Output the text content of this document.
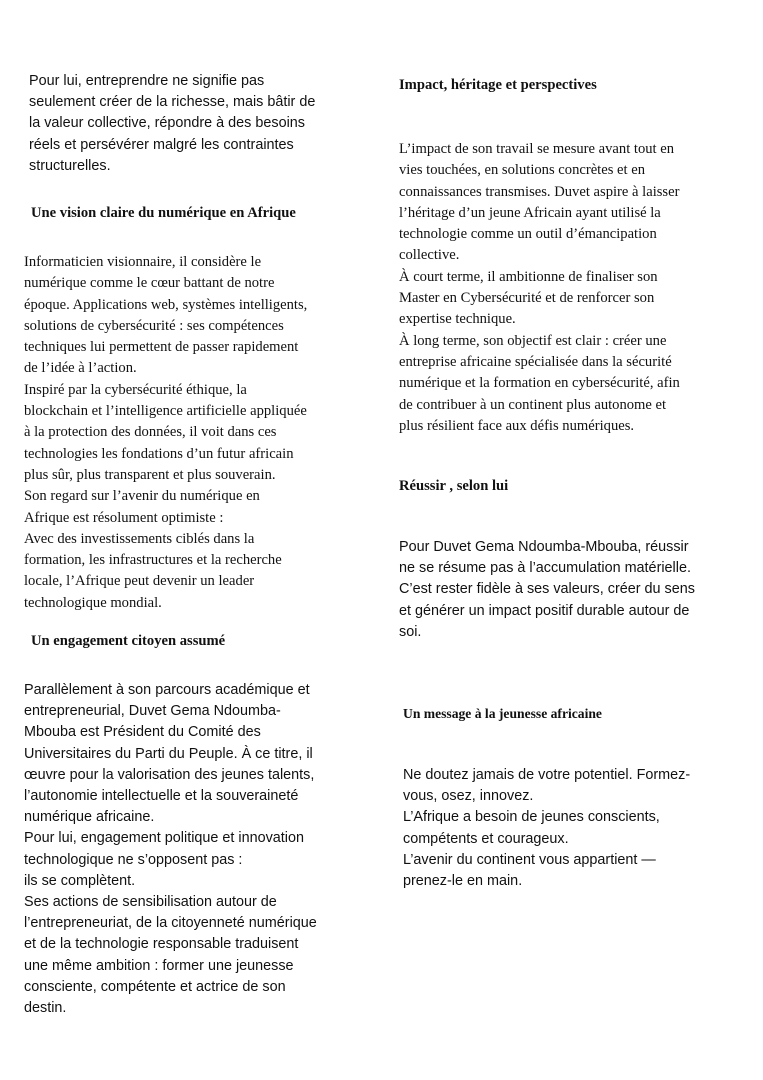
Pour lui, entreprendre ne signifie pas
seulement créer de la richesse, mais bâtir de
la valeur collective, répondre à des besoins
réels et persévérer malgré les contraintes
structurelles.
Une vision claire du numérique en Afrique
Informaticien visionnaire, il considère le
numérique comme le cœur battant de notre
époque. Applications web, systèmes intelligents,
solutions de cybersécurité : ses compétences
techniques lui permettent de passer rapidement
de l’idée à l’action.
Inspiré par la cybersécurité éthique, la
blockchain et l’intelligence artificielle appliquée
à la protection des données, il voit dans ces
technologies les fondations d’un futur africain
plus sûr, plus transparent et plus souverain.
Son regard sur l’avenir du numérique en
Afrique est résolument optimiste :
Avec des investissements ciblés dans la
formation, les infrastructures et la recherche
locale, l’Afrique peut devenir un leader
technologique mondial.
Un engagement citoyen assumé
Parallèlement à son parcours académique et
entrepreneurial, Duvet Gema Ndoumba-
Mbouba est Président du Comité des
Universitaires du Parti du Peuple. À ce titre, il
œuvre pour la valorisation des jeunes talents,
l’autonomie intellectuelle et la souveraineté
numérique africaine.
Pour lui, engagement politique et innovation
technologique ne s’opposent pas :
ils se complètent.
Ses actions de sensibilisation autour de
l’entrepreneuriat, de la citoyenneté numérique
et de la technologie responsable traduisent
une même ambition : former une jeunesse
consciente, compétente et actrice de son
destin.
Impact, héritage et perspectives
L’impact de son travail se mesure avant tout en
vies touchées, en solutions concrètes et en
connaissances transmises. Duvet aspire à laisser
l’héritage d’un jeune Africain ayant utilisé la
technologie comme un outil d’émancipation
collective.
À court terme, il ambitionne de finaliser son
Master en Cybersécurité et de renforcer son
expertise technique.
À long terme, son objectif est clair : créer une
entreprise africaine spécialisée dans la sécurité
numérique et la formation en cybersécurité, afin
de contribuer à un continent plus autonome et
plus résilient face aux défis numériques.
Réussir , selon lui
Pour Duvet Gema Ndoumba-Mbouba, réussir
ne se résume pas à l’accumulation matérielle.
C’est rester fidèle à ses valeurs, créer du sens
et générer un impact positif durable autour de
soi.
Un message à la jeunesse africaine
Ne doutez jamais de votre potentiel. Formez-
vous, osez, innovez.
L’Afrique a besoin de jeunes conscients,
compétents et courageux.
L’avenir du continent vous appartient —
prenez-le en main.
